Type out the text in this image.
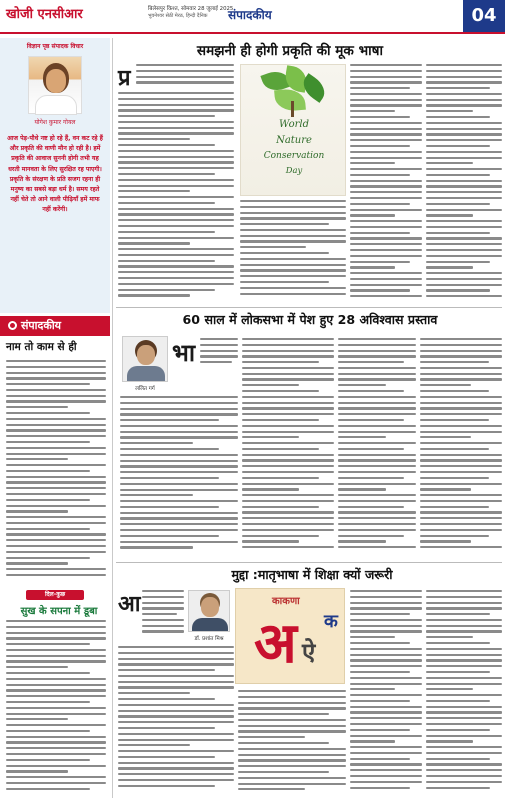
खोजी एनसीआर	बिलेसपुर किश्त, सोमवार 28 जुलाई 2025
भुवनेश्वर सेठी मेरठ, हिन्दी दैनिक संपादकीय	04
विज्ञान पृष्ठ संपादक विचार
योगेश कुमार गोयल
आज पेड़-पौधे नष्ट हो रहे हैं, वन कट रहे हैं और प्रकृति की वाणी मौन हो रही है। हमें प्रकृति की आवाज सुननी होगी तभी यह धरती मानवता के लिए सुरक्षित रह पाएगी। प्रकृति के संरक्षण के प्रति सजग रहना ही मनुष्य का सबसे बड़ा धर्म है। समय रहते नहीं चेते तो आने वाली पीढ़ियाँ हमें माफ नहीं करेंगी।
संपादकीय
नाम तो काम से ही
दिल-कुछ
सुख के सपना में डूबा
समझनी ही होगी प्रकृति की मूक भाषा
प्र
World
Nature
Conservation
Day
60 साल में लोकसभा में पेश हुए 28 अविश्वास प्रस्ताव
ललित गर्ग
भा
मुद्दा :मातृभाषा में शिक्षा क्यों जरूरी
डॉ. प्रशांत मिश्र
आ	काकणा
अ ऐ
क
